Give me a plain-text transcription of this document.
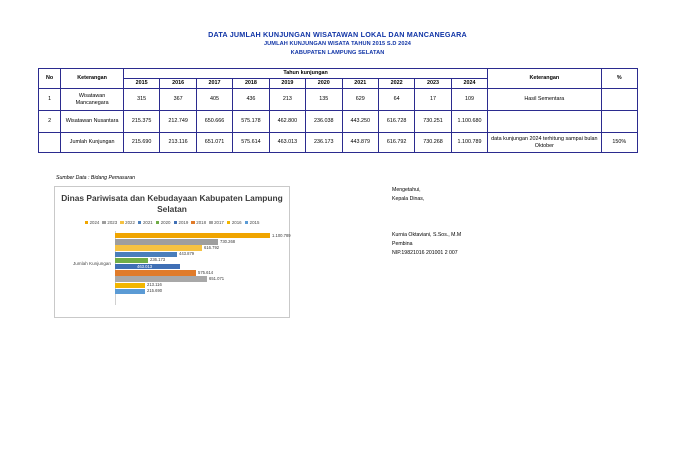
DATA JUMLAH KUNJUNGAN WISATAWAN LOKAL DAN MANCANEGARA
JUMLAH KUNJUNGAN WISATA TAHUN 2015 S.D 2024
KABUPATEN LAMPUNG SELATAN
No	Keterangan	Tahun kunjungan										Keterangan	%
		2015	2016	2017	2018	2019	2020	2021	2022	2023	2024		
1	Wisatawan Mancanegara	315	367	405	436	213	135	629	64	17	109	Hasil Sementara	
2	Wisatawan Nusantara	215.375	212.749	650.666	575.178	462.800	236.038	443.250	616.728	730.251	1.100.680		
	Jumlah Kunjungan	215.690	213.116	651.071	575.614	463.013	236.173	443.879	616.792	730.268	1.100.789	data kunjungan 2024 terhitung sampai bulan Oktober	150%
Sumber Data : Bidang Pemasaran
Dinas Pariwisata dan Kebudayaan Kabupaten Lampung Selatan
2024 2023 2022 2021 2020 2019 2018 2017 2016 2015
Jumlah Kunjungan
1.100.789
730.268
616.792
443.879
236.173
463.013
575.614
651.071
213.116
215.690
Mengetahui,
Kepala Dinas,
Kurnia Oktaviani, S.Sos., M.M
Pembina
NIP.19821016 201001 2 007
